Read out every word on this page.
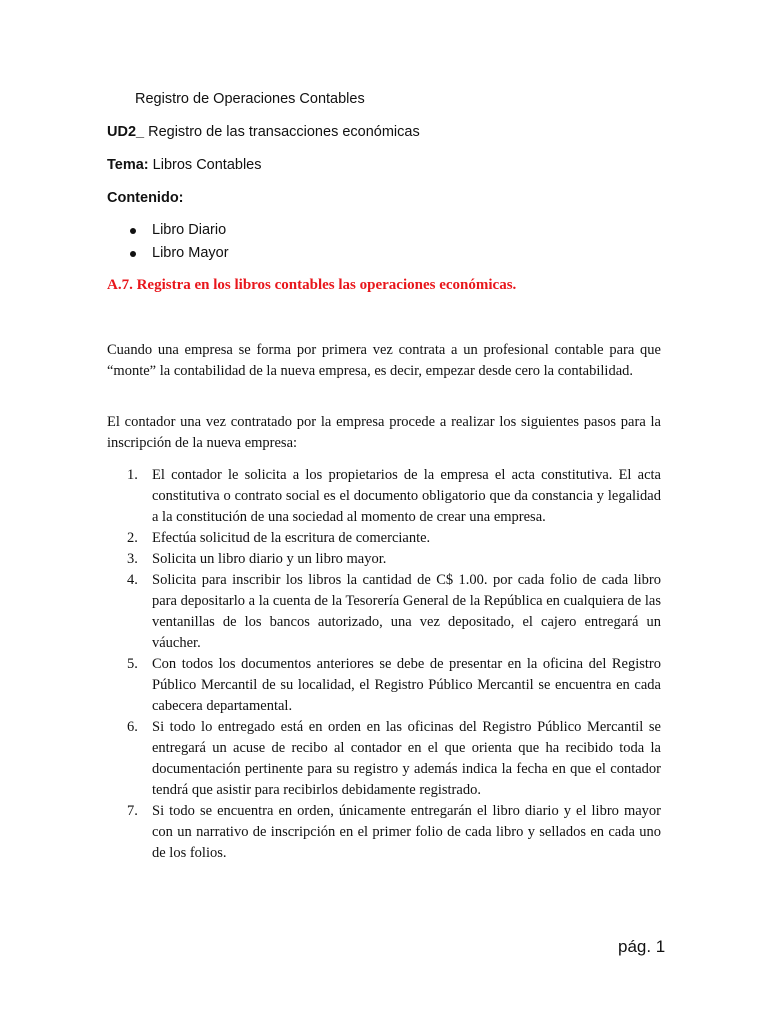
Registro de Operaciones Contables
UD2_ Registro de las transacciones económicas
Tema: Libros Contables
Contenido:
Libro Diario
Libro Mayor
A.7. Registra en los libros contables las operaciones económicas.

Cuando una empresa se forma por primera vez contrata a un profesional contable para que “monte” la contabilidad de la nueva empresa, es decir, empezar desde cero la contabilidad.

El contador una vez contratado por la empresa procede a realizar los siguientes pasos para la inscripción de la nueva empresa:

1. El contador le solicita a los propietarios de la empresa el acta constitutiva. El acta constitutiva o contrato social es el documento obligatorio que da constancia y legalidad a la constitución de una sociedad al momento de crear una empresa.
2. Efectúa solicitud de la escritura de comerciante.
3. Solicita un libro diario y un libro mayor.
4. Solicita para inscribir los libros la cantidad de C$ 1.00. por cada folio de cada libro para depositarlo a la cuenta de la Tesorería General de la República en cualquiera de las ventanillas de los bancos autorizado, una vez depositado, el cajero entregará un váucher.
5. Con todos los documentos anteriores se debe de presentar en la oficina del Registro Público Mercantil de su localidad, el Registro Público Mercantil se encuentra en cada cabecera departamental.
6. Si todo lo entregado está en orden en las oficinas del Registro Público Mercantil se entregará un acuse de recibo al contador en el que orienta que ha recibido toda la documentación pertinente para su registro y además indica la fecha en que el contador tendrá que asistir para recibirlos debidamente registrado.
7. Si todo se encuentra en orden, únicamente entregarán el libro diario y el libro mayor con un narrativo de inscripción en el primer folio de cada libro y sellados en cada uno de los folios.
pág. 1
